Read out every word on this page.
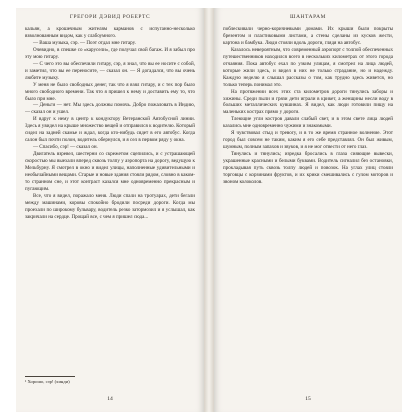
ГРЕГОРИ ДЭВИД РОБЕРТС

кальян, а крошечным жителям карманов с испуганно-несколько взволнованным видом, как у слабоумного.

— Ваша музыка, сэр. — Поэт отдал мне гитару.

Очевидно, в спешке со «карусели», где получал свой багаж. И я забыл про эту мою гитару.

— С чего это вы обеспечили гитару, сэр, я знал, что вы ее носите с собой, и заметил, что вы ее переносите, — сказал он. — Я догадался, что вы очень любите музыку.

У меня не было свободных денег, так что я взял гитару, и с тех пор было много свободного времени. Так что я пришел к нему и доставить ему то, что было при мне.

— Деньги — нет. Мы здесь должны помочь. Добро пожаловать в Индию, — сказал он и ушел.

И вдруг к нему в центр к кондуктору Ветеранской Автобусной линии. Здесь я увидел на крыше множество вещей и отправился к водителю. Который сидел на задней скамье и ждал, когда кто-нибудь сядет в его автобус. Когда салон был почти полон, водитель обернулся, и я сел в первом ряду у окна.

— Спасибо, сэр! — сказал он.

Двигатель взревел, шестерни со скрежетом сцепились, и с устрашающей скоростью мы выехали вперед сквозь толпу у аэропорта на дорогу, ведущую к Мельбурну. Я смотрел в окно и видел улицы, наполненные удивительными и необычайными вещами. Старые и новые здания стояли рядом, словно в каком-то странном сне, и этот контраст казался мне одновременно прекрасным и пугающим.

Все, что я видел, поражало меня. Люди спали на тротуарах, дети бегали между машинами, коровы спокойно бродили посреди дороги. Когда мы проехали по широкому бульвару, водитель резко затормозил и я услышал, как закричали на сердце. Прощай все, с чем я пришел сюда...

¹ Хорошо, сэр! (хинди)
14
ШАНТАРАМ

поблескивали черно-коричневыми домами. Их крыши были покрыты брезентом и пластиковыми листами, а стены сделаны из кусков жести, картона и бамбука. Люди стояли вдоль дороги, глядя на автобус.

Казалось невероятным, что современный аэропорт с толпой обеспеченных путешественников находился всего в нескольких километрах от этого города отчаяния. Пока автобус ехал по узким улицам, я смотрел на лица людей, которые жили здесь, и видел в них не только страдание, но и надежду. Каждую неделю я слышал рассказы о том, как трудно здесь живется, но только теперь понимал это.

На протяжении всех этих ста километров дороги тянулись заборы и хижины. Среди пыли и грязи дети играли в крикет, а женщины несли воду в больших металлических кувшинах. Я видел, как люди готовили пищу на маленьких кострах прямо у дороги.

Тлеющие угли костров давали слабый свет, и в этом свете лица людей казались мне одновременно чужими и знакомыми.

Я чувствовал стыд и тревогу, и в то же время странное волнение. Этот город был совсем не таким, каким я его себе представлял. Он был живым, шумным, полным запахов и звуков, и я не мог отвести от него глаз.

Тянулись и тянулись; изредка бросались в глаза сияющие вывески, украшенные красными и белыми буквами. Водитель сигналил без остановки, прокладывая путь сквозь толпу людей и повозок. На углах улиц стояли торговцы с корзинами фруктов, и их крики смешивались с гулом моторов и звоном колоколов.

15
